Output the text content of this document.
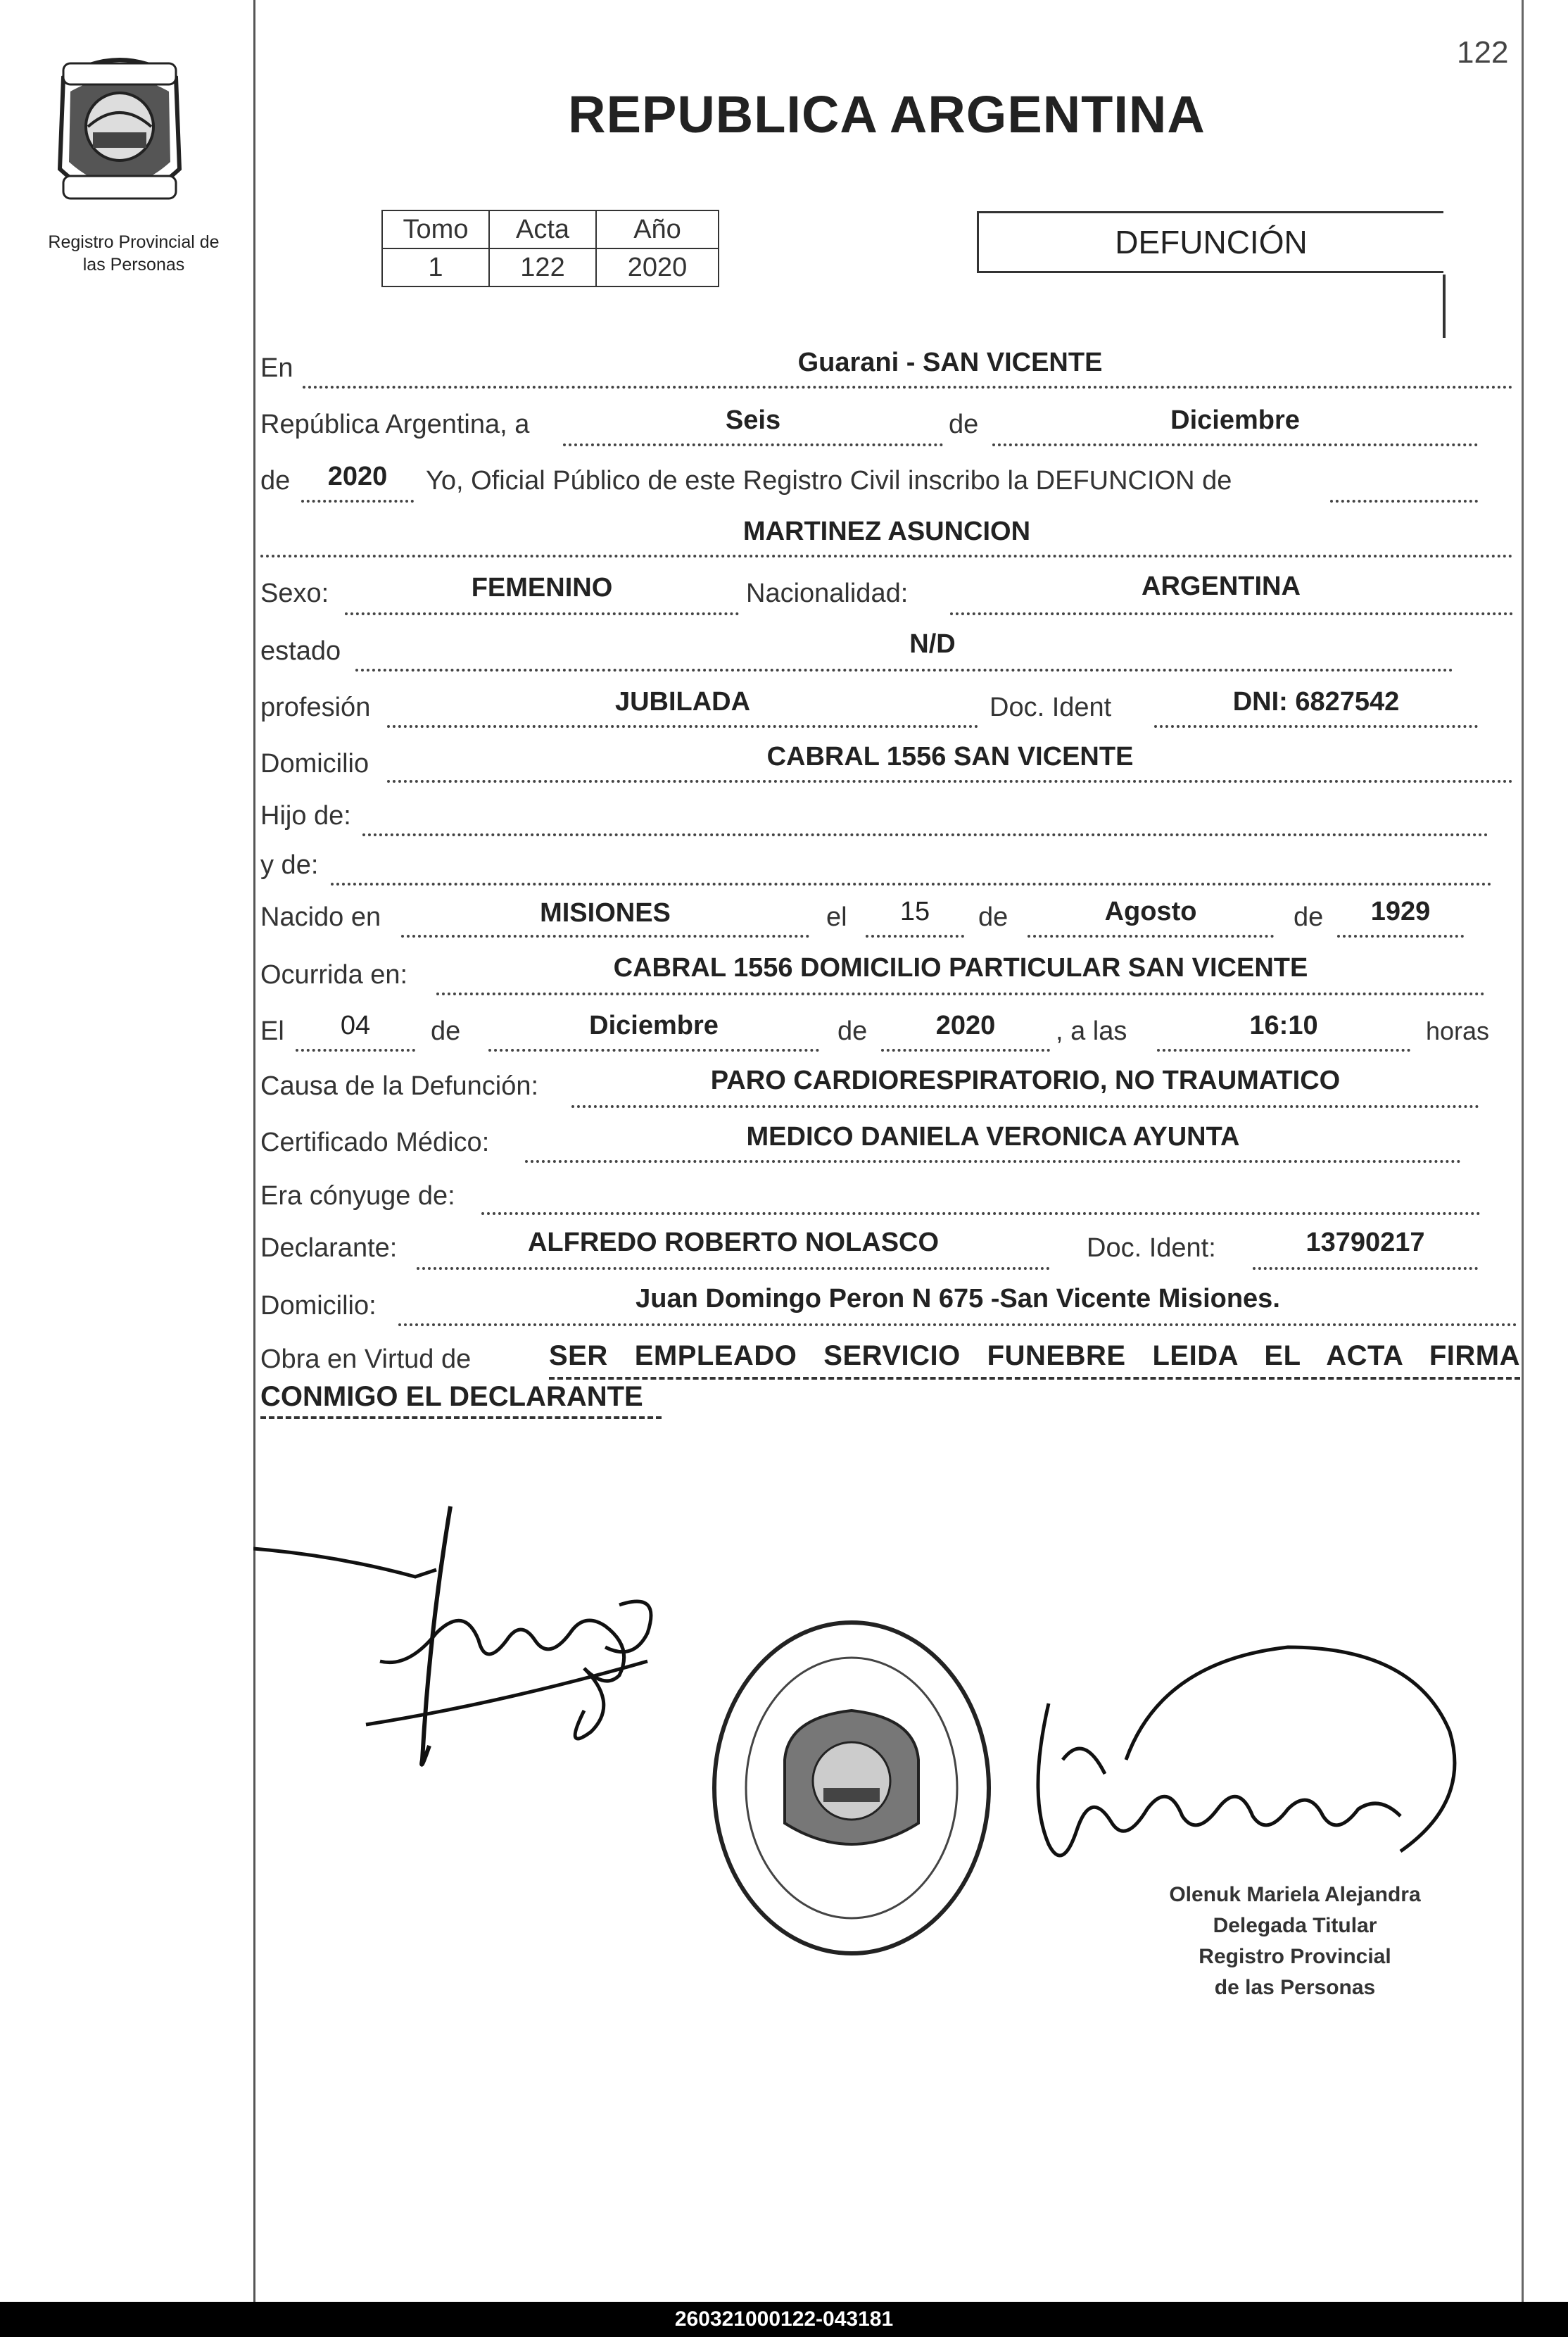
122
Registro Provincial de
las Personas
REPUBLICA ARGENTINA
Tomo	Acta	Año
1	122	2020
DEFUNCIÓN
En	Guarani - SAN VICENTE
República Argentina, a	Seis	de	Diciembre
de	2020	Yo, Oficial Público de este Registro Civil inscribo la DEFUNCION de
MARTINEZ ASUNCION
Sexo:	FEMENINO	Nacionalidad:	ARGENTINA
estado	N/D
profesión	JUBILADA	Doc. Ident	DNI: 6827542
Domicilio	CABRAL 1556 SAN VICENTE
Hijo de:
y de:
Nacido en	MISIONES	el	15	de	Agosto	de	1929
Ocurrida en:	CABRAL 1556 DOMICILIO PARTICULAR SAN VICENTE
El	04	de	Diciembre	de	2020	, a las	16:10	horas
Causa de la Defunción:	PARO CARDIORESPIRATORIO, NO TRAUMATICO
Certificado Médico:	MEDICO DANIELA VERONICA AYUNTA
Era cónyuge de:
Declarante:	ALFREDO ROBERTO NOLASCO	Doc. Ident:	13790217
Domicilio:	Juan Domingo Peron N 675 -San Vicente Misiones.
Obra en Virtud de	SER EMPLEADO SERVICIO FUNEBRE LEIDA EL ACTA FIRMA
CONMIGO EL DECLARANTE
Olenuk Mariela Alejandra
Delegada Titular
Registro Provincial
de las Personas
260321000122-043181
